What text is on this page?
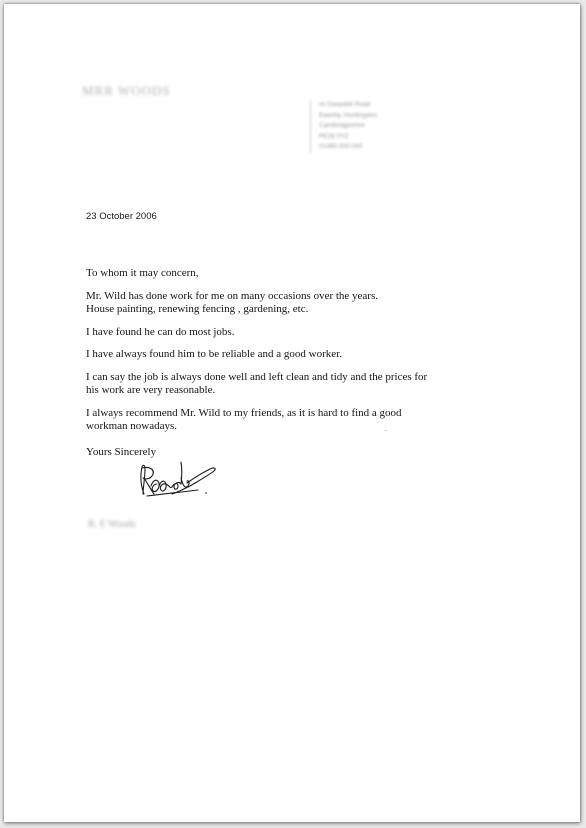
MRR WOODS
xx Deepdell Road
Ewerby, Huntingdon
Cambridgeshire
PE28 0YZ
01480 000 000
23 October 2006

To whom it may concern,

Mr. Wild has done work for me on many occasions over the years.
House painting, renewing fencing , gardening, etc.

I have found he can do most jobs.

I have always found him to be reliable and a good worker.

I can say the job is always done well and left clean and tidy and the prices for
his work are very reasonable.

I always recommend Mr. Wild to my friends, as it is hard to find a good
workman nowadays.

Yours Sincerely
R. E Woods
